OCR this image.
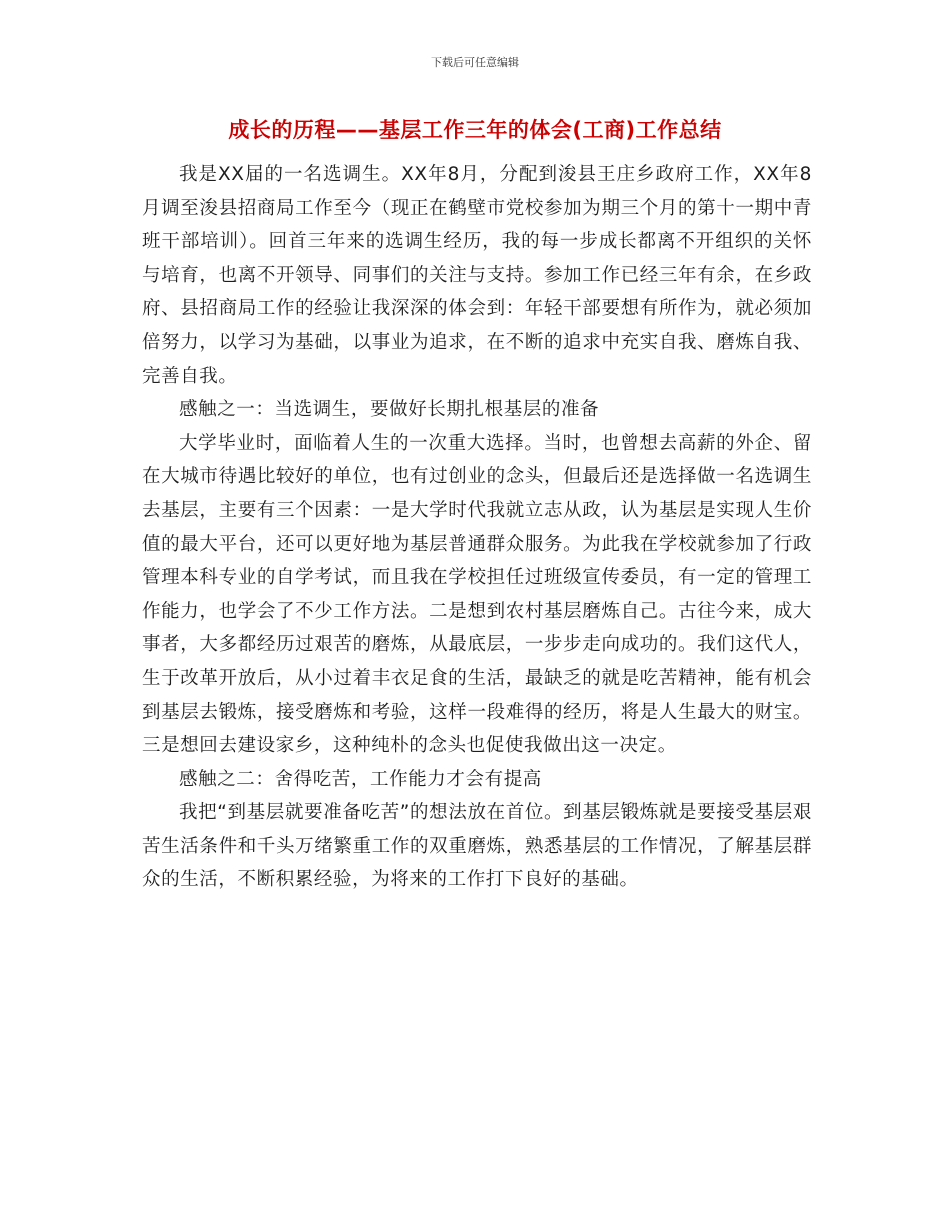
下载后可任意编辑
成长的历程——基层工作三年的体会(工商)工作总结

我是XX届的一名选调生。XX年8月，分配到浚县王庄乡政府工作，XX年8月调至浚县招商局工作至今（现正在鹤壁市党校参加为期三个月的第十一期中青班干部培训）。回首三年来的选调生经历，我的每一步成长都离不开组织的关怀与培育，也离不开领导、同事们的关注与支持。参加工作已经三年有余，在乡政府、县招商局工作的经验让我深深的体会到：年轻干部要想有所作为，就必须加倍努力，以学习为基础，以事业为追求，在不断的追求中充实自我、磨炼自我、完善自我。

感触之一：当选调生，要做好长期扎根基层的准备

大学毕业时，面临着人生的一次重大选择。当时，也曾想去高薪的外企、留在大城市待遇比较好的单位，也有过创业的念头，但最后还是选择做一名选调生去基层，主要有三个因素：一是大学时代我就立志从政，认为基层是实现人生价值的最大平台，还可以更好地为基层普通群众服务。为此我在学校就参加了行政管理本科专业的自学考试，而且我在学校担任过班级宣传委员，有一定的管理工作能力，也学会了不少工作方法。二是想到农村基层磨炼自己。古往今来，成大事者，大多都经历过艰苦的磨炼，从最底层，一步步走向成功的。我们这代人，生于改革开放后，从小过着丰衣足食的生活，最缺乏的就是吃苦精神，能有机会到基层去锻炼，接受磨炼和考验，这样一段难得的经历，将是人生最大的财宝。三是想回去建设家乡，这种纯朴的念头也促使我做出这一决定。

感触之二：舍得吃苦，工作能力才会有提高

我把“到基层就要准备吃苦”的想法放在首位。到基层锻炼就是要接受基层艰苦生活条件和千头万绪繁重工作的双重磨炼，熟悉基层的工作情况，了解基层群众的生活，不断积累经验，为将来的工作打下良好的基础。
